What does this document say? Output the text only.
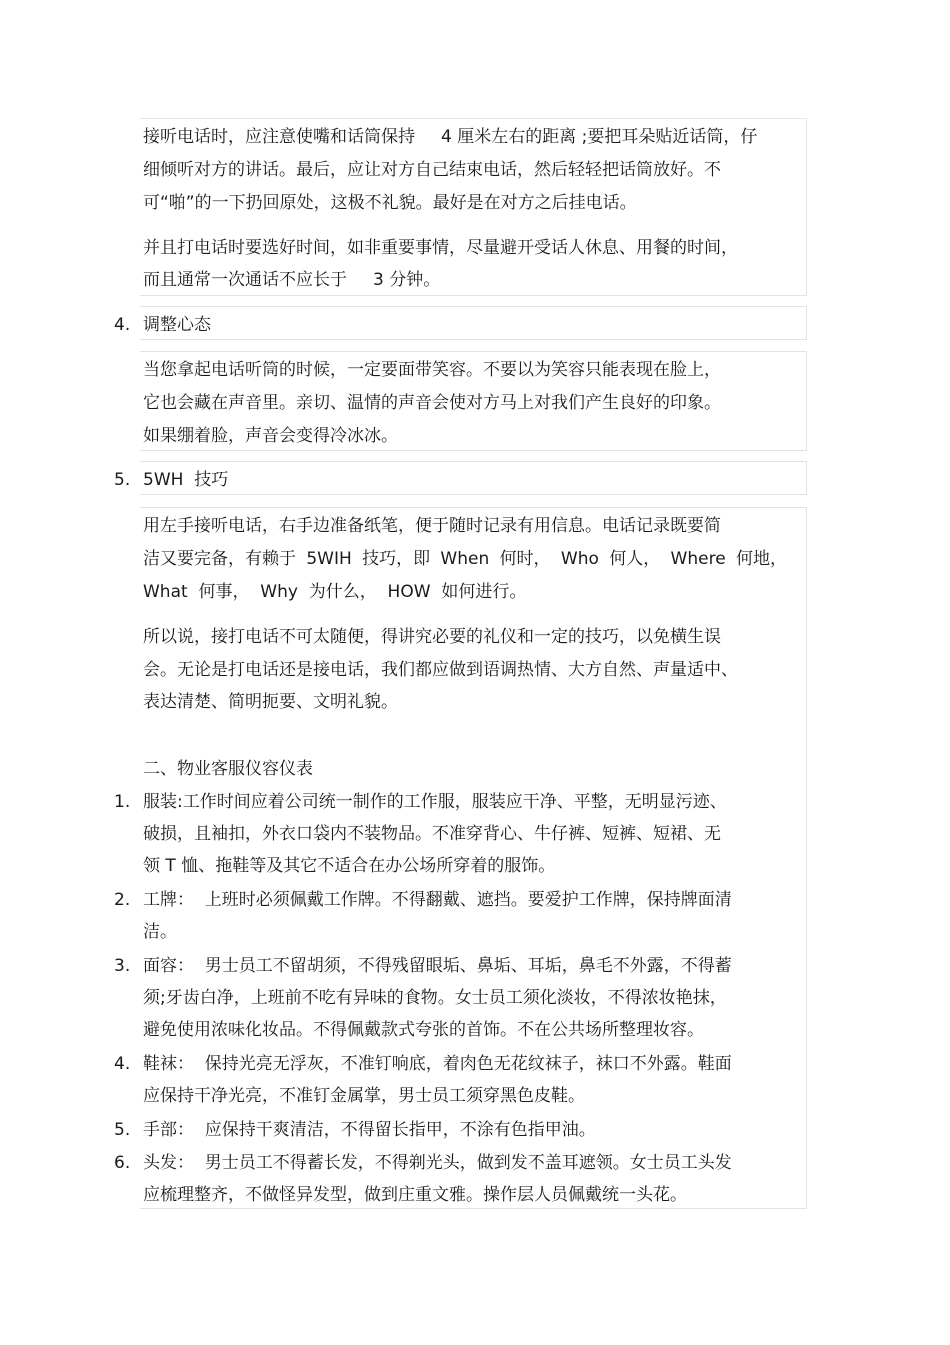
接听电话时，应注意使嘴和话筒保持 4 厘米左右的距离 ;要把耳朵贴近话筒，仔
细倾听对方的讲话。最后，应让对方自己结束电话，然后轻轻把话筒放好。不
可“啪”的一下扔回原处，这极不礼貌。最好是在对方之后挂电话。
并且打电话时要选好时间，如非重要事情，尽量避开受话人休息、用餐的时间，
而且通常一次通话不应长于 3 分钟。
4. 调整心态
当您拿起电话听筒的时候，一定要面带笑容。不要以为笑容只能表现在脸上，
它也会藏在声音里。亲切、温情的声音会使对方马上对我们产生良好的印象。
如果绷着脸，声音会变得冷冰冰。
5. 5WH  技巧
用左手接听电话，右手边准备纸笔，便于随时记录有用信息。电话记录既要简
洁又要完备，有赖于 5WIH 技巧，即 When 何时， Who 何人， Where 何地，
What  何事，  Why  为什么，  HOW  如何进行。
所以说，接打电话不可太随便，得讲究必要的礼仪和一定的技巧，以免横生误
会。无论是打电话还是接电话，我们都应做到语调热情、大方自然、声量适中、
表达清楚、简明扼要、文明礼貌。
二、物业客服仪容仪表
1. 服装:工作时间应着公司统一制作的工作服，服装应干净、平整，无明显污迹、
破损，且袖扣，外衣口袋内不装物品。不准穿背心、牛仔裤、短裤、短裙、无
领 T 恤、拖鞋等及其它不适合在办公场所穿着的服饰。
2. 工牌：  上班时必须佩戴工作牌。不得翻戴、遮挡。要爱护工作牌，保持牌面清
洁。
3. 面容：  男士员工不留胡须，不得残留眼垢、鼻垢、耳垢，鼻毛不外露，不得蓄
须;牙齿白净，上班前不吃有异味的食物。女士员工须化淡妆，不得浓妆艳抹，
避免使用浓味化妆品。不得佩戴款式夸张的首饰。不在公共场所整理妆容。
4. 鞋袜：  保持光亮无浮灰，不准钉响底，着肉色无花纹袜子，袜口不外露。鞋面
应保持干净光亮，不准钉金属掌，男士员工须穿黑色皮鞋。
5. 手部：  应保持干爽清洁，不得留长指甲，不涂有色指甲油。
6. 头发：  男士员工不得蓄长发，不得剃光头，做到发不盖耳遮领。女士员工头发
应梳理整齐，不做怪异发型，做到庄重文雅。操作层人员佩戴统一头花。
